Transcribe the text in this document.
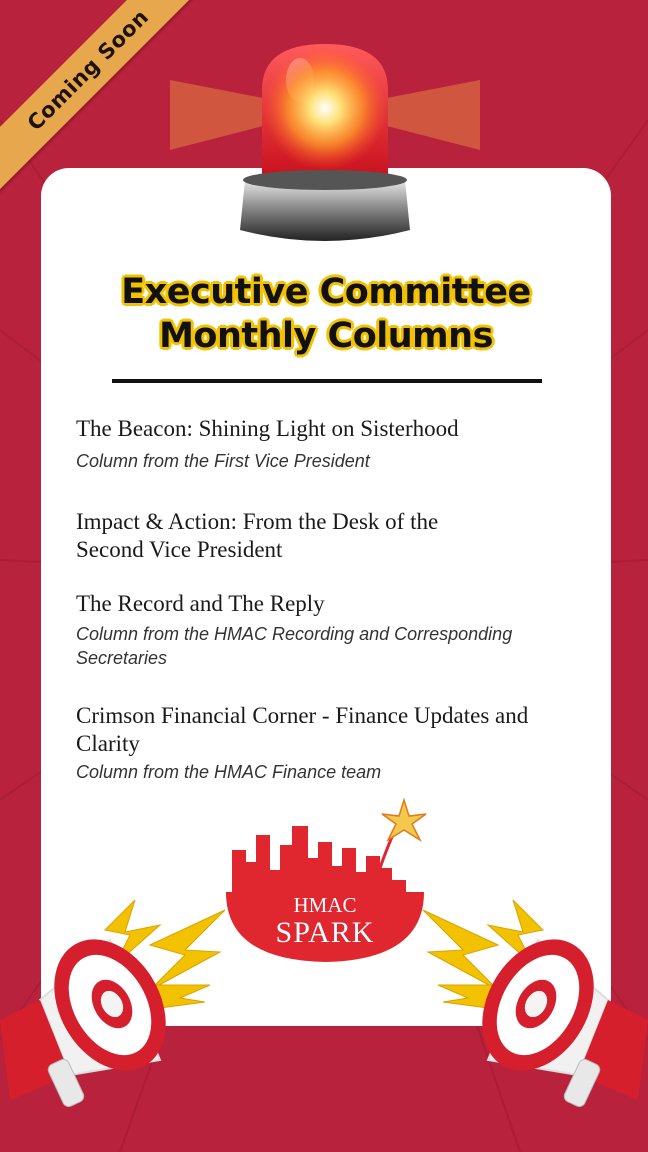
Coming Soon
Executive Committee
Monthly Columns
The Beacon: Shining Light on Sisterhood
Column from the First Vice President
Impact & Action: From the Desk of the
Second Vice President
The Record and The Reply
Column from the HMAC Recording and Corresponding
Secretaries
Crimson Financial Corner - Finance Updates and
Clarity
Column from the HMAC Finance team
HMAC
SPARK
